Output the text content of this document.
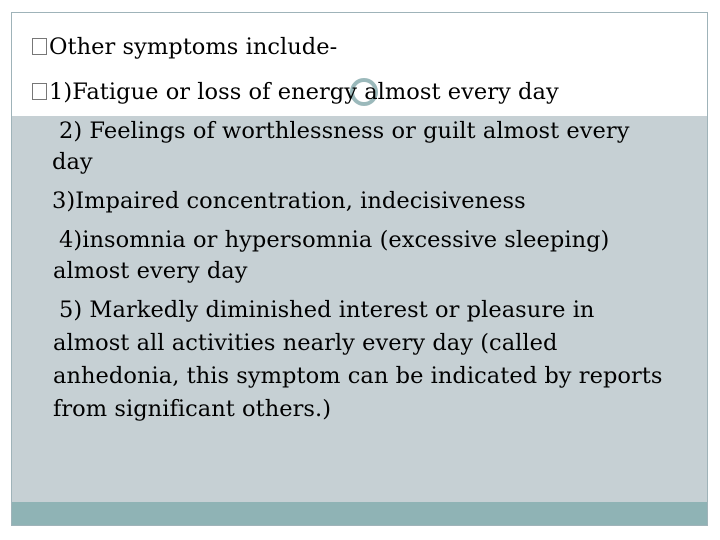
Other symptoms include-
1)Fatigue or loss of energy almost every day
2) Feelings of worthlessness or guilt almost every
day
3)Impaired concentration, indecisiveness
4)insomnia or hypersomnia (excessive sleeping)
almost every day
5) Markedly diminished interest or pleasure in
almost all activities nearly every day (called
anhedonia, this symptom can be indicated by reports
from significant others.)
